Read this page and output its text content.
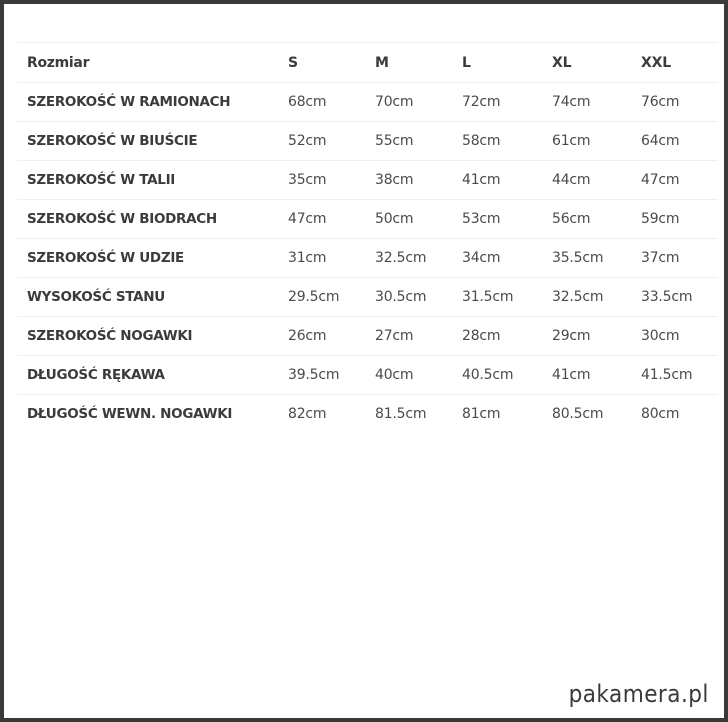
Rozmiar	S	M	L	XL	XXL
SZEROKOŚĆ W RAMIONACH	68cm	70cm	72cm	74cm	76cm
SZEROKOŚĆ W BIUŚCIE	52cm	55cm	58cm	61cm	64cm
SZEROKOŚĆ W TALII	35cm	38cm	41cm	44cm	47cm
SZEROKOŚĆ W BIODRACH	47cm	50cm	53cm	56cm	59cm
SZEROKOŚĆ W UDZIE	31cm	32.5cm	34cm	35.5cm	37cm
WYSOKOŚĆ STANU	29.5cm	30.5cm	31.5cm	32.5cm	33.5cm
SZEROKOŚĆ NOGAWKI	26cm	27cm	28cm	29cm	30cm
DŁUGOŚĆ RĘKAWA	39.5cm	40cm	40.5cm	41cm	41.5cm
DŁUGOŚĆ WEWN. NOGAWKI	82cm	81.5cm	81cm	80.5cm	80cm
pakamera.pl
